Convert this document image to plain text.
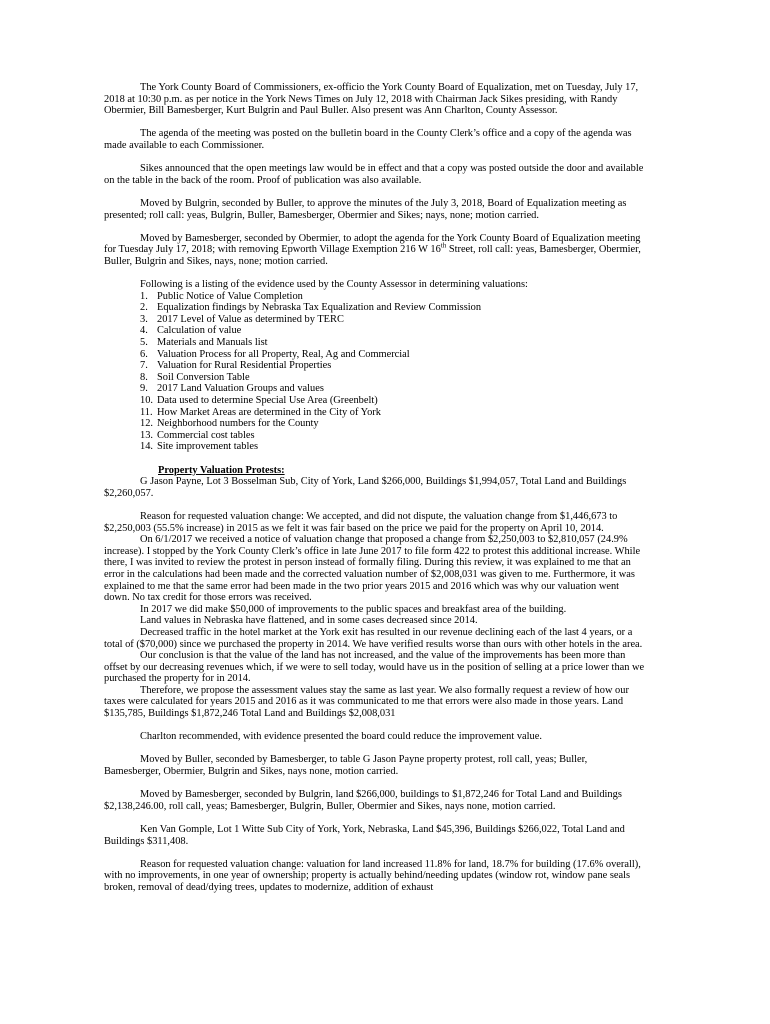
The York County Board of Commissioners, ex-officio the York County Board of Equalization, met on Tuesday, July 17, 2018 at 10:30 p.m. as per notice in the York News Times on July 12, 2018 with Chairman Jack Sikes presiding, with Randy Obermier, Bill Bamesberger, Kurt Bulgrin and Paul Buller. Also present was Ann Charlton, County Assessor.

The agenda of the meeting was posted on the bulletin board in the County Clerk’s office and a copy of the agenda was made available to each Commissioner.

Sikes announced that the open meetings law would be in effect and that a copy was posted outside the door and available on the table in the back of the room. Proof of publication was also available.

Moved by Bulgrin, seconded by Buller, to approve the minutes of the July 3, 2018, Board of Equalization meeting as presented; roll call: yeas, Bulgrin, Buller, Bamesberger, Obermier and Sikes; nays, none; motion carried.

Moved by Bamesberger, seconded by Obermier, to adopt the agenda for the York County Board of Equalization meeting for Tuesday July 17, 2018; with removing Epworth Village Exemption 216 W 16th Street, roll call: yeas, Bamesberger, Obermier, Buller, Bulgrin and Sikes, nays, none; motion carried.

Following is a listing of the evidence used by the County Assessor in determining valuations:

1. Public Notice of Value Completion
2. Equalization findings by Nebraska Tax Equalization and Review Commission
3. 2017 Level of Value as determined by TERC
4. Calculation of value
5. Materials and Manuals list
6. Valuation Process for all Property, Real, Ag and Commercial
7. Valuation for Rural Residential Properties
8. Soil Conversion Table
9. 2017 Land Valuation Groups and values
10. Data used to determine Special Use Area (Greenbelt)
11. How Market Areas are determined in the City of York
12. Neighborhood numbers for the County
13. Commercial cost tables
14. Site improvement tables

Property Valuation Protests:

G Jason Payne, Lot 3 Bosselman Sub, City of York, Land $266,000, Buildings $1,994,057, Total Land and Buildings $2,260,057.

Reason for requested valuation change: We accepted, and did not dispute, the valuation change from $1,446,673 to $2,250,003 (55.5% increase) in 2015 as we felt it was fair based on the price we paid for the property on April 10, 2014.

On 6/1/2017 we received a notice of valuation change that proposed a change from $2,250,003 to $2,810,057 (24.9% increase). I stopped by the York County Clerk’s office in late June 2017 to file form 422 to protest this additional increase. While there, I was invited to review the protest in person instead of formally filing. During this review, it was explained to me that an error in the calculations had been made and the corrected valuation number of $2,008,031 was given to me. Furthermore, it was explained to me that the same error had been made in the two prior years 2015 and 2016 which was why our valuation went down. No tax credit for those errors was received.

In 2017 we did make $50,000 of improvements to the public spaces and breakfast area of the building.

Land values in Nebraska have flattened, and in some cases decreased since 2014.

Decreased traffic in the hotel market at the York exit has resulted in our revenue declining each of the last 4 years, or a total of ($70,000) since we purchased the property in 2014. We have verified results worse than ours with other hotels in the area.

Our conclusion is that the value of the land has not increased, and the value of the improvements has been more than offset by our decreasing revenues which, if we were to sell today, would have us in the position of selling at a price lower than we purchased the property for in 2014.

Therefore, we propose the assessment values stay the same as last year. We also formally request a review of how our taxes were calculated for years 2015 and 2016 as it was communicated to me that errors were also made in those years. Land $135,785, Buildings $1,872,246 Total Land and Buildings $2,008,031

Charlton recommended, with evidence presented the board could reduce the improvement value.

Moved by Buller, seconded by Bamesberger, to table G Jason Payne property protest, roll call, yeas; Buller, Bamesberger, Obermier, Bulgrin and Sikes, nays none, motion carried.

Moved by Bamesberger, seconded by Bulgrin, land $266,000, buildings to $1,872,246 for Total Land and Buildings $2,138,246.00, roll call, yeas; Bamesberger, Bulgrin, Buller, Obermier and Sikes, nays none, motion carried.

Ken Van Gomple, Lot 1 Witte Sub City of York, York, Nebraska, Land $45,396, Buildings $266,022, Total Land and Buildings $311,408.

Reason for requested valuation change: valuation for land increased 11.8% for land, 18.7% for building (17.6% overall), with no improvements, in one year of ownership; property is actually behind/needing updates (window rot, window pane seals broken, removal of dead/dying trees, updates to modernize, addition of exhaust
